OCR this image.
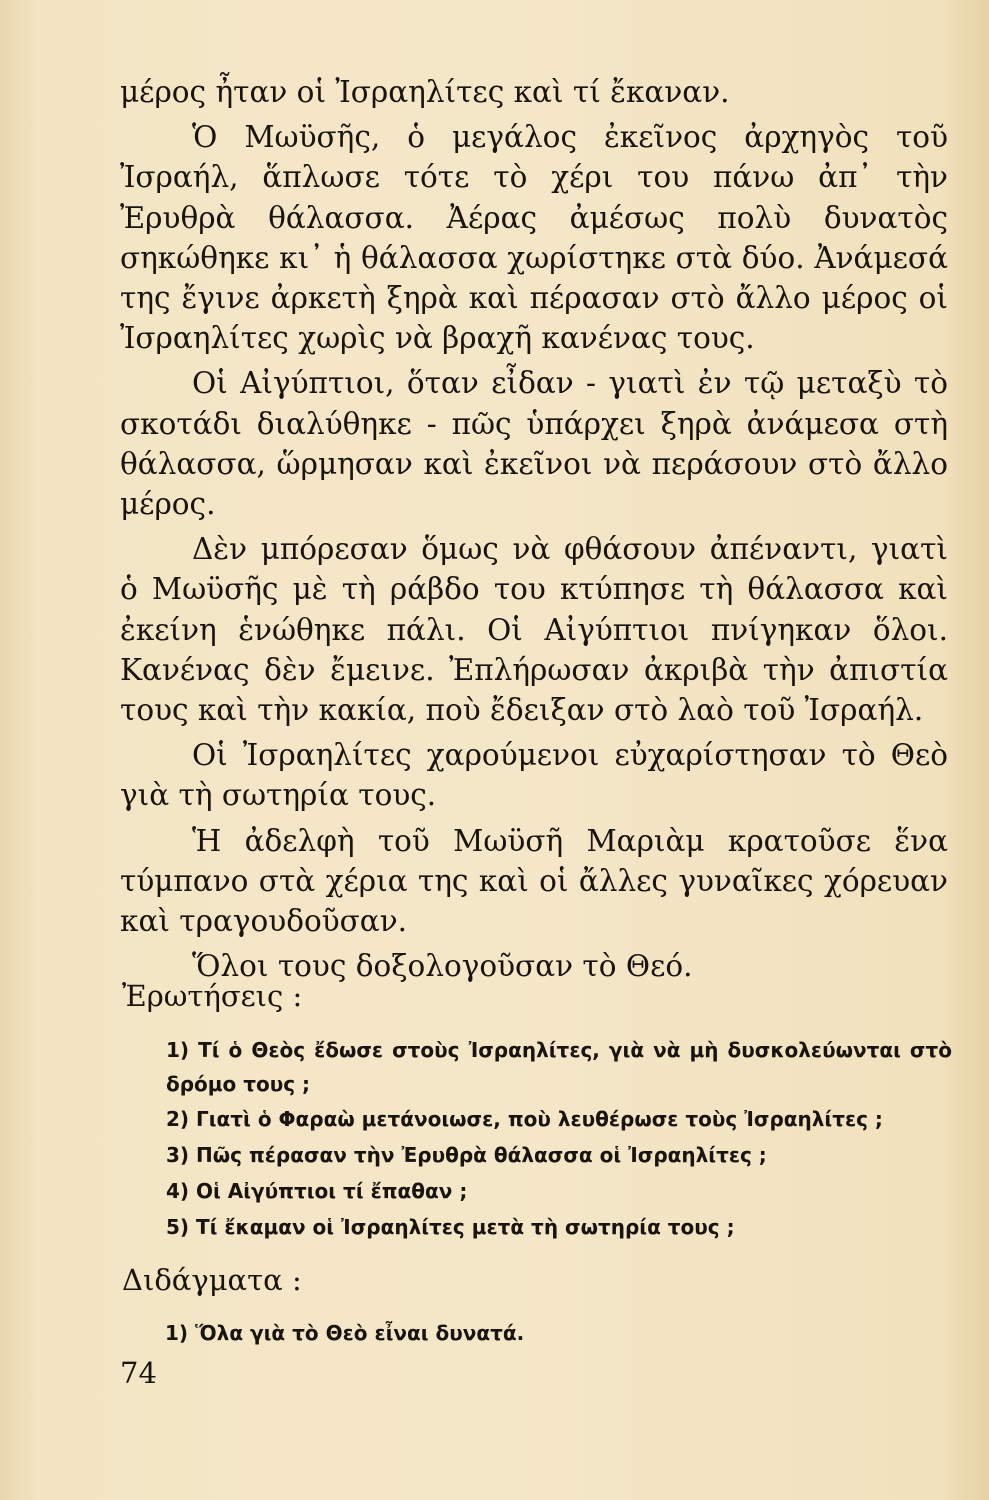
μέρος ἦταν οἱ Ἰσραηλίτες καὶ τί ἔκαναν.

Ὁ Μωϋσῆς, ὁ μεγάλος ἐκεῖνος ἀρχηγὸς τοῦ Ἰσραήλ, ἅπλωσε τότε τὸ χέρι του πάνω ἀπ᾿ τὴν Ἐρυθρὰ θάλασσα. Ἀέρας ἀμέσως πολὺ δυνατὸς σηκώθηκε κι᾿ ἡ θάλασσα χωρίστηκε στὰ δύο. Ἀνάμεσά της ἔγινε ἀρκετὴ ξηρὰ καὶ πέρασαν στὸ ἄλλο μέρος οἱ Ἰσραηλίτες χωρὶς νὰ βραχῆ κανένας τους.

Οἱ Αἰγύπτιοι, ὅταν εἶδαν - γιατὶ ἐν τῷ μεταξὺ τὸ σκοτάδι διαλύθηκε - πῶς ὑπάρχει ξηρὰ ἀνάμεσα στὴ θάλασσα, ὥρμησαν καὶ ἐκεῖνοι νὰ περάσουν στὸ ἄλλο μέρος.

Δὲν μπόρεσαν ὅμως νὰ φθάσουν ἀπέναντι, γιατὶ ὁ Μωϋσῆς μὲ τὴ ράβδο του κτύπησε τὴ θάλασσα καὶ ἐκείνη ἑνώθηκε πάλι. Οἱ Αἰγύπτιοι πνίγηκαν ὅλοι. Κανένας δὲν ἔμεινε. Ἐπλήρωσαν ἀκριβὰ τὴν ἀπιστία τους καὶ τὴν κακία, ποὺ ἔδειξαν στὸ λαὸ τοῦ Ἰσραήλ.

Οἱ Ἰσραηλίτες χαρούμενοι εὐχαρίστησαν τὸ Θεὸ γιὰ τὴ σωτηρία τους.

Ἡ ἀδελφὴ τοῦ Μωϋσῆ Μαριὰμ κρατοῦσε ἕνα τύμπανο στὰ χέρια της καὶ οἱ ἄλλες γυναῖκες χόρευαν καὶ τραγουδοῦσαν.

Ὅλοι τους δοξολογοῦσαν τὸ Θεό.

Ἐρωτήσεις :
1) Τί ὁ Θεὸς ἔδωσε στοὺς Ἰσραηλίτες, γιὰ νὰ μὴ δυσκολεύωνται στὸ δρόμο τους ;
2) Γιατὶ ὁ Φαραὼ μετάνοιωσε, ποὺ λευθέρωσε τοὺς Ἰσραηλίτες ;
3) Πῶς πέρασαν τὴν Ἐρυθρὰ θάλασσα οἱ Ἰσραηλίτες ;
4) Οἱ Αἰγύπτιοι τί ἔπαθαν ;
5) Τί ἔκαμαν οἱ Ἰσραηλίτες μετὰ τὴ σωτηρία τους ;
Διδάγματα :
1) Ὅλα γιὰ τὸ Θεὸ εἶναι δυνατά.
74
